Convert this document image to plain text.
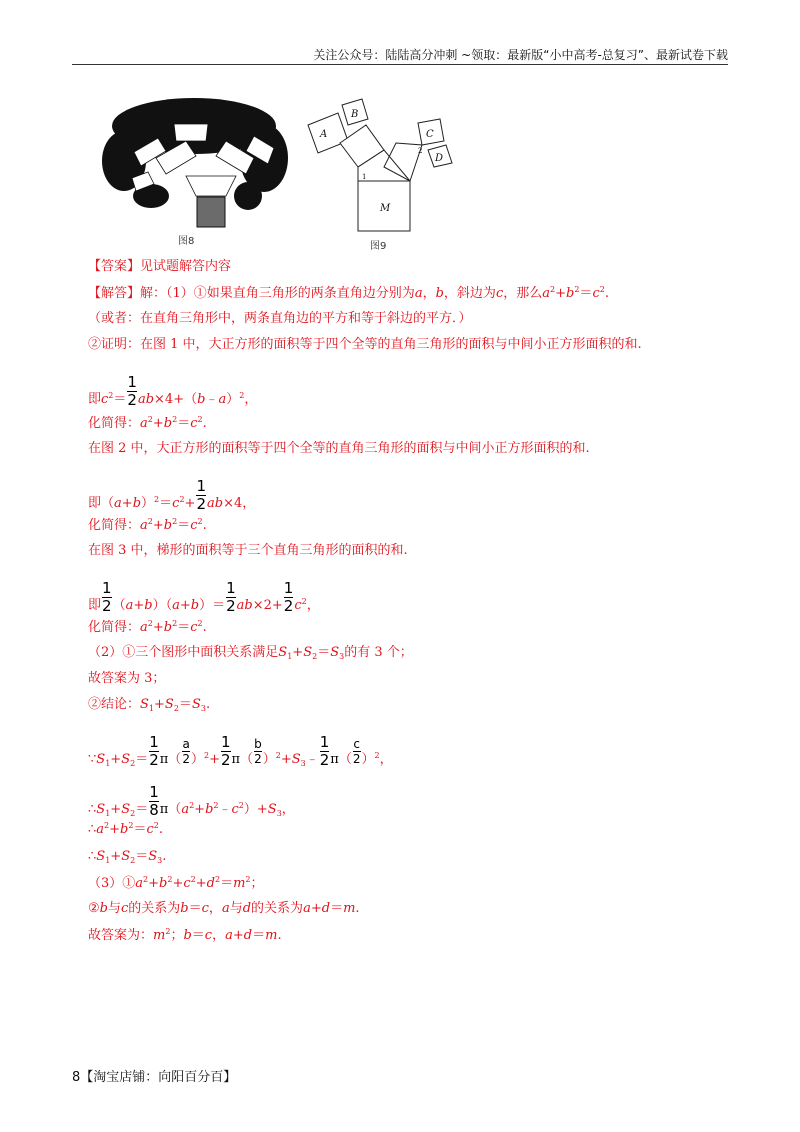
关注公众号：陆陆高分冲刺 ~领取：最新版“小中高考-总复习”、最新试卷下载
图8
A
B
C
D
M
1
2
图9
【答案】见试题解答内容
【解答】解：（1）①如果直角三角形的两条直角边分别为a，b，斜边为c，那么$a^2+b^2=c^2$.
（或者：在直角三角形中，两条直角边的平方和等于斜边的平方．）
②证明：在图 1 中，大正方形的面积等于四个全等的直角三角形的面积与中间小正方形面积的和.
即$c^2= \frac{1}{2}$ ab×4+（b﹣a）$^2$，
化简得：$a^2+b^2=c^2$.
在图 2 中，大正方形的面积等于四个全等的直角三角形的面积与中间小正方形面积的和.
即$(a+b)^2=c^2+ \frac{1}{2} ab\times 4$，
化简得：$a^2+b^2=c^2$.
在图 3 中，梯形的面积等于三个直角三角形的面积的和.
即 $\frac{1}{2} (a+b)(a+b)= \frac{1}{2} ab\times 2+ \frac{1}{2} c^2$，
化简得：$a^2+b^2=c^2$.
（2）①三个图形中面积关系满足$S_1+S_2=S_3$的有 3 个；
故答案为 3；
②结论：$S_1+S_2=S_3$.
$\because S_1+S_2= \frac{1}{2} \pi( \frac{a}{2} )^2+ \frac{1}{2} \pi( \frac{b}{2}$ ）$^2+S_3﹣ \frac{1}{2} \pi( \frac{c}{2} )^2$，
$\therefore S_1+S_2= \frac{1}{8}$ $\pi(a^2+b^2﹣c^2)+S_3$，
$\therefore a^2+b^2=c^2$.
$\therefore S_1+S_2=S_3$.
$(3)①a^2+b^2+c^2+d^2=m^2$；
②b与c的关系为b＝c，a与d的关系为a+d＝m.
故答案为：$m^2$；b＝c，a+d＝m.
8【淘宝店铺：向阳百分百】
